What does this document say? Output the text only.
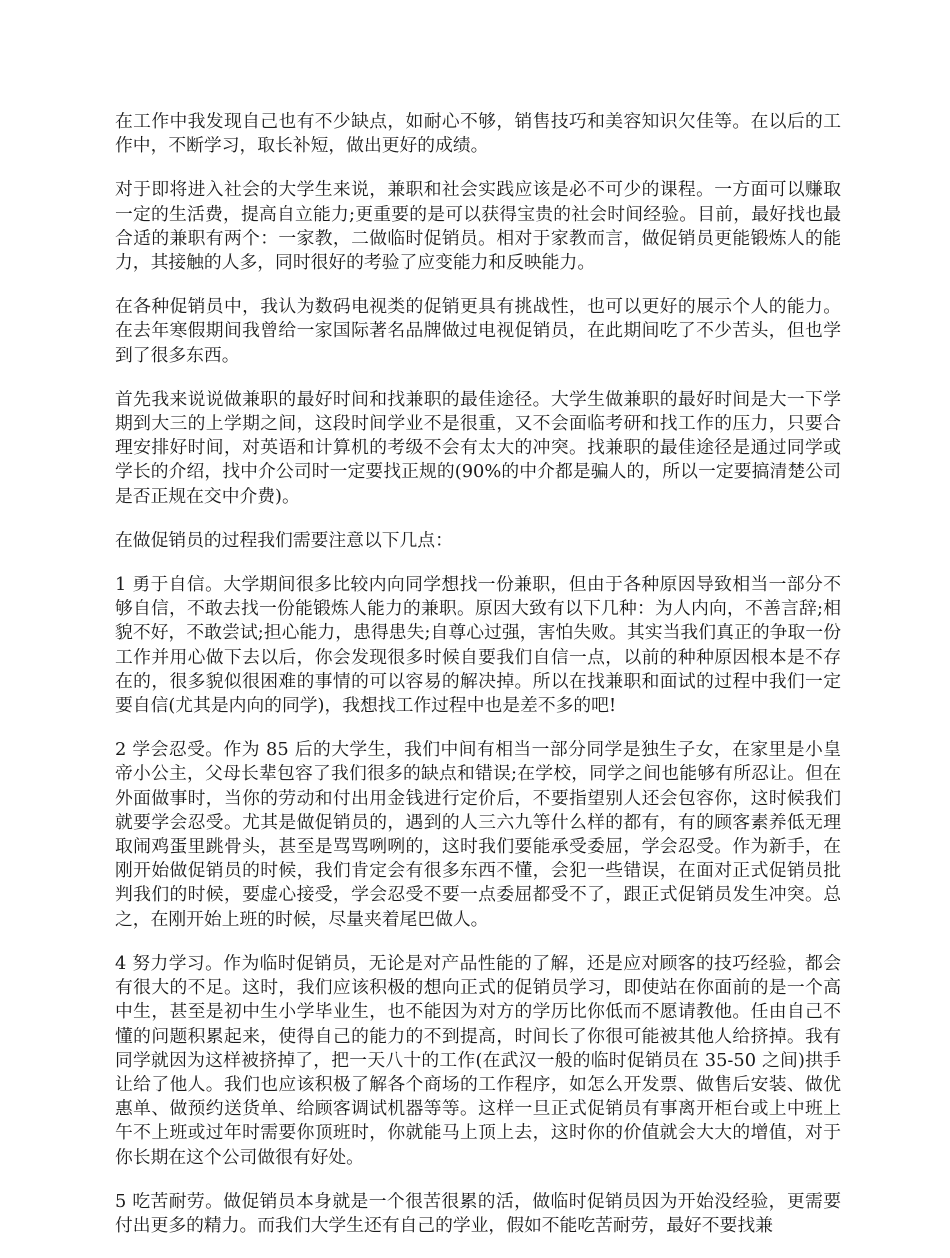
在工作中我发现自己也有不少缺点，如耐心不够，销售技巧和美容知识欠佳等。在以后的工作中，不断学习，取长补短，做出更好的成绩。

对于即将进入社会的大学生来说，兼职和社会实践应该是必不可少的课程。一方面可以赚取一定的生活费，提高自立能力;更重要的是可以获得宝贵的社会时间经验。目前，最好找也最合适的兼职有两个：一家教，二做临时促销员。相对于家教而言，做促销员更能锻炼人的能力，其接触的人多，同时很好的考验了应变能力和反映能力。

在各种促销员中，我认为数码电视类的促销更具有挑战性，也可以更好的展示个人的能力。在去年寒假期间我曾给一家国际著名品牌做过电视促销员，在此期间吃了不少苦头，但也学到了很多东西。

首先我来说说做兼职的最好时间和找兼职的最佳途径。大学生做兼职的最好时间是大一下学期到大三的上学期之间，这段时间学业不是很重，又不会面临考研和找工作的压力，只要合理安排好时间，对英语和计算机的考级不会有太大的冲突。找兼职的最佳途径是通过同学或学长的介绍，找中介公司时一定要找正规的(90%的中介都是骗人的，所以一定要搞清楚公司是否正规在交中介费)。

在做促销员的过程我们需要注意以下几点：

1 勇于自信。大学期间很多比较内向同学想找一份兼职，但由于各种原因导致相当一部分不够自信，不敢去找一份能锻炼人能力的兼职。原因大致有以下几种：为人内向，不善言辞;相貌不好，不敢尝试;担心能力，患得患失;自尊心过强，害怕失败。其实当我们真正的争取一份工作并用心做下去以后，你会发现很多时候自要我们自信一点，以前的种种原因根本是不存在的，很多貌似很困难的事情的可以容易的解决掉。所以在找兼职和面试的过程中我们一定要自信(尤其是内向的同学)，我想找工作过程中也是差不多的吧!

2 学会忍受。作为 85 后的大学生，我们中间有相当一部分同学是独生子女，在家里是小皇帝小公主，父母长辈包容了我们很多的缺点和错误;在学校，同学之间也能够有所忍让。但在外面做事时，当你的劳动和付出用金钱进行定价后，不要指望别人还会包容你，这时候我们就要学会忍受。尤其是做促销员的，遇到的人三六九等什么样的都有，有的顾客素养低无理取闹鸡蛋里跳骨头，甚至是骂骂咧咧的，这时我们要能承受委屈，学会忍受。作为新手，在刚开始做促销员的时候，我们肯定会有很多东西不懂，会犯一些错误，在面对正式促销员批判我们的时候，要虚心接受，学会忍受不要一点委屈都受不了，跟正式促销员发生冲突。总之，在刚开始上班的时候，尽量夹着尾巴做人。

4 努力学习。作为临时促销员，无论是对产品性能的了解，还是应对顾客的技巧经验，都会有很大的不足。这时，我们应该积极的想向正式的促销员学习，即使站在你面前的是一个高中生，甚至是初中生小学毕业生，也不能因为对方的学历比你低而不愿请教他。任由自己不懂的问题积累起来，使得自己的能力的不到提高，时间长了你很可能被其他人给挤掉。我有同学就因为这样被挤掉了，把一天八十的工作(在武汉一般的临时促销员在 35-50 之间)拱手让给了他人。我们也应该积极了解各个商场的工作程序，如怎么开发票、做售后安装、做优惠单、做预约送货单、给顾客调试机器等等。这样一旦正式促销员有事离开柜台或上中班上午不上班或过年时需要你顶班时，你就能马上顶上去，这时你的价值就会大大的增值，对于你长期在这个公司做很有好处。

5 吃苦耐劳。做促销员本身就是一个很苦很累的活，做临时促销员因为开始没经验，更需要付出更多的精力。而我们大学生还有自己的学业，假如不能吃苦耐劳，最好不要找兼
